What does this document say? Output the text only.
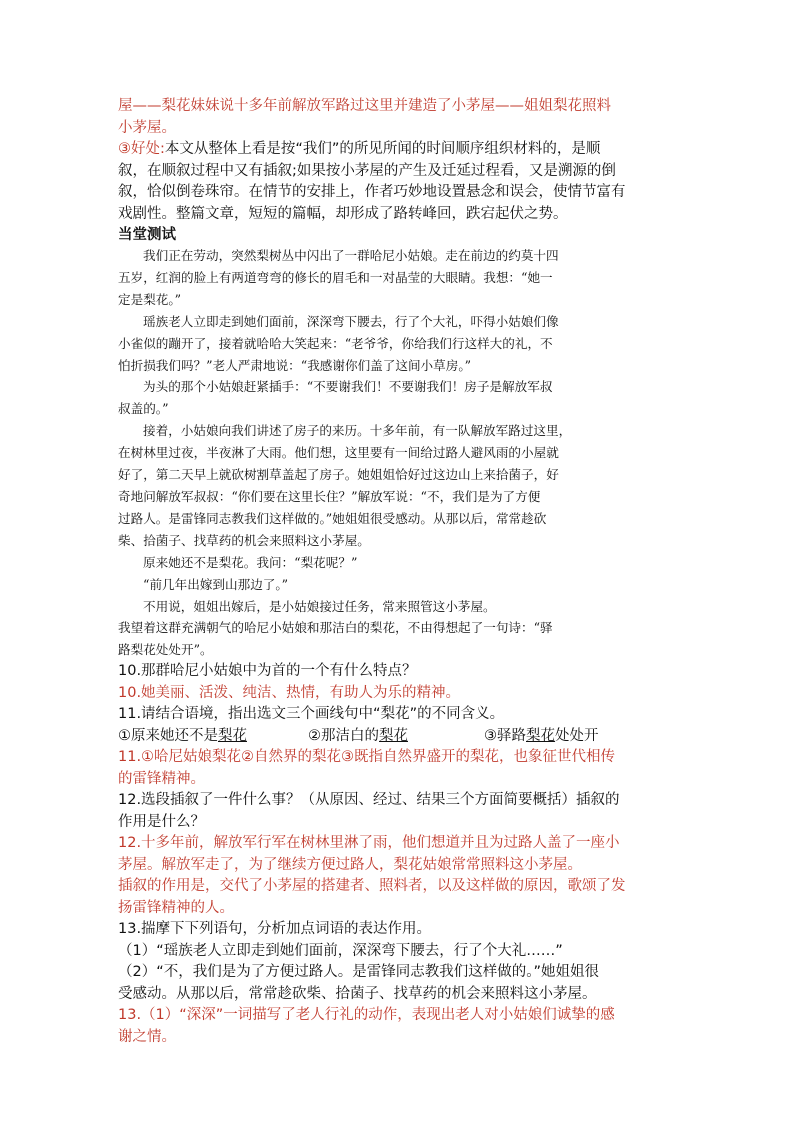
屋——梨花妹妹说十多年前解放军路过这里并建造了小茅屋——姐姐梨花照料
小茅屋。
③好处:本文从整体上看是按“我们”的所见所闻的时间顺序组织材料的，是顺
叙，在顺叙过程中又有插叙;如果按小茅屋的产生及迁延过程看，又是溯源的倒
叙，恰似倒卷珠帘。在情节的安排上，作者巧妙地设置悬念和误会，使情节富有
戏剧性。整篇文章，短短的篇幅，却形成了路转峰回，跌宕起伏之势。
当堂测试
我们正在劳动，突然梨树丛中闪出了一群哈尼小姑娘。走在前边的约莫十四
五岁，红润的脸上有两道弯弯的修长的眉毛和一对晶莹的大眼睛。我想：“她一
定是梨花。”
瑶族老人立即走到她们面前，深深弯下腰去，行了个大礼，吓得小姑娘们像
小雀似的蹦开了，接着就哈哈大笑起来：“老爷爷，你给我们行这样大的礼，不
怕折损我们吗？”老人严肃地说：“我感谢你们盖了这间小草房。”
为头的那个小姑娘赶紧插手：“不要谢我们！不要谢我们！房子是解放军叔
叔盖的。”
接着，小姑娘向我们讲述了房子的来历。十多年前，有一队解放军路过这里，
在树林里过夜，半夜淋了大雨。他们想，这里要有一间给过路人避风雨的小屋就
好了，第二天早上就砍树割草盖起了房子。她姐姐恰好过这边山上来拾菌子，好
奇地问解放军叔叔：“你们要在这里长住？”解放军说：“不，我们是为了方便
过路人。是雷锋同志教我们这样做的。”她姐姐很受感动。从那以后，常常趁砍
柴、拾菌子、找草药的机会来照料这小茅屋。
原来她还不是梨花。我问：“梨花呢？”
“前几年出嫁到山那边了。”
不用说，姐姐出嫁后，是小姑娘接过任务，常来照管这小茅屋。
我望着这群充满朝气的哈尼小姑娘和那洁白的梨花，不由得想起了一句诗：“驿
路梨花处处开”。
10.那群哈尼小姑娘中为首的一个有什么特点？
10.她美丽、活泼、纯洁、热情，有助人为乐的精神。
11.请结合语境，指出选文三个画线句中“梨花”的不同含义。
①原来她还不是梨花	②那洁白的梨花	③驿路梨花处处开
11.①哈尼姑娘梨花②自然界的梨花③既指自然界盛开的梨花，也象征世代相传
的雷锋精神。
12.选段插叙了一件什么事？（从原因、经过、结果三个方面简要概括）插叙的
作用是什么？
12.十多年前，解放军行军在树林里淋了雨，他们想道并且为过路人盖了一座小
茅屋。解放军走了，为了继续方便过路人，梨花姑娘常常照料这小茅屋。
插叙的作用是，交代了小茅屋的搭建者、照料者，以及这样做的原因，歌颂了发
扬雷锋精神的人。
13.揣摩下下列语句，分析加点词语的表达作用。
（1）“瑶族老人立即走到她们面前，深深弯下腰去，行了个大礼……”
（2）“不，我们是为了方便过路人。是雷锋同志教我们这样做的。”她姐姐很
受感动。从那以后，常常趁砍柴、拾菌子、找草药的机会来照料这小茅屋。
13.（1）“深深”一词描写了老人行礼的动作，表现出老人对小姑娘们诚挚的感
谢之情。
